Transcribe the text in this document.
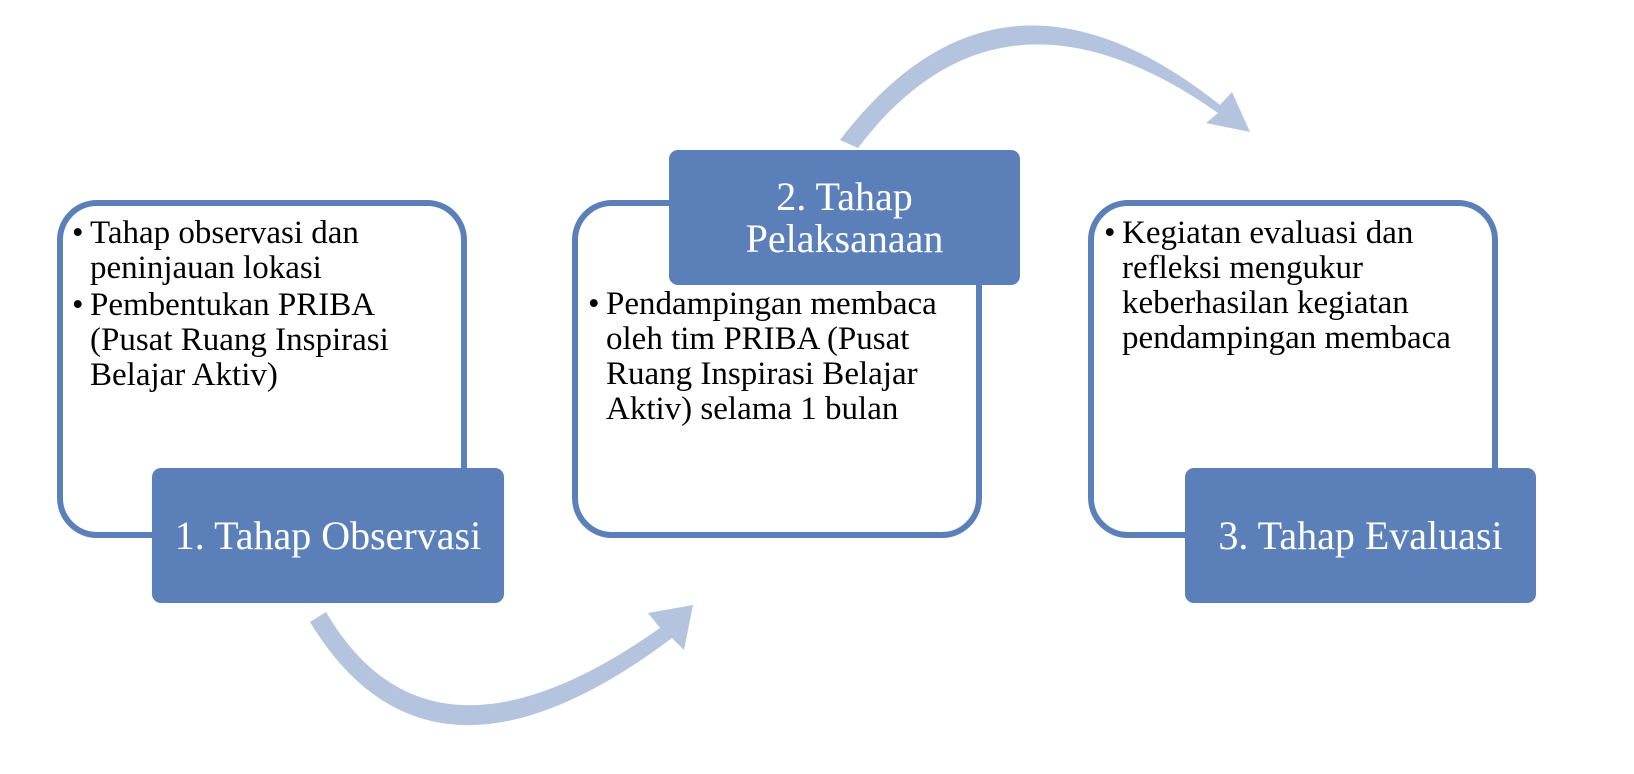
• Tahap observasi dan peninjauan lokasi
• Pembentukan PRIBA (Pusat Ruang Inspirasi Belajar Aktiv)
1. Tahap Observasi
• Pendampingan membaca oleh tim PRIBA (Pusat Ruang Inspirasi Belajar Aktiv) selama 1 bulan
2. Tahap Pelaksanaan	• Kegiatan evaluasi dan refleksi mengukur keberhasilan kegiatan pendampingan membaca
3. Tahap Evaluasi
